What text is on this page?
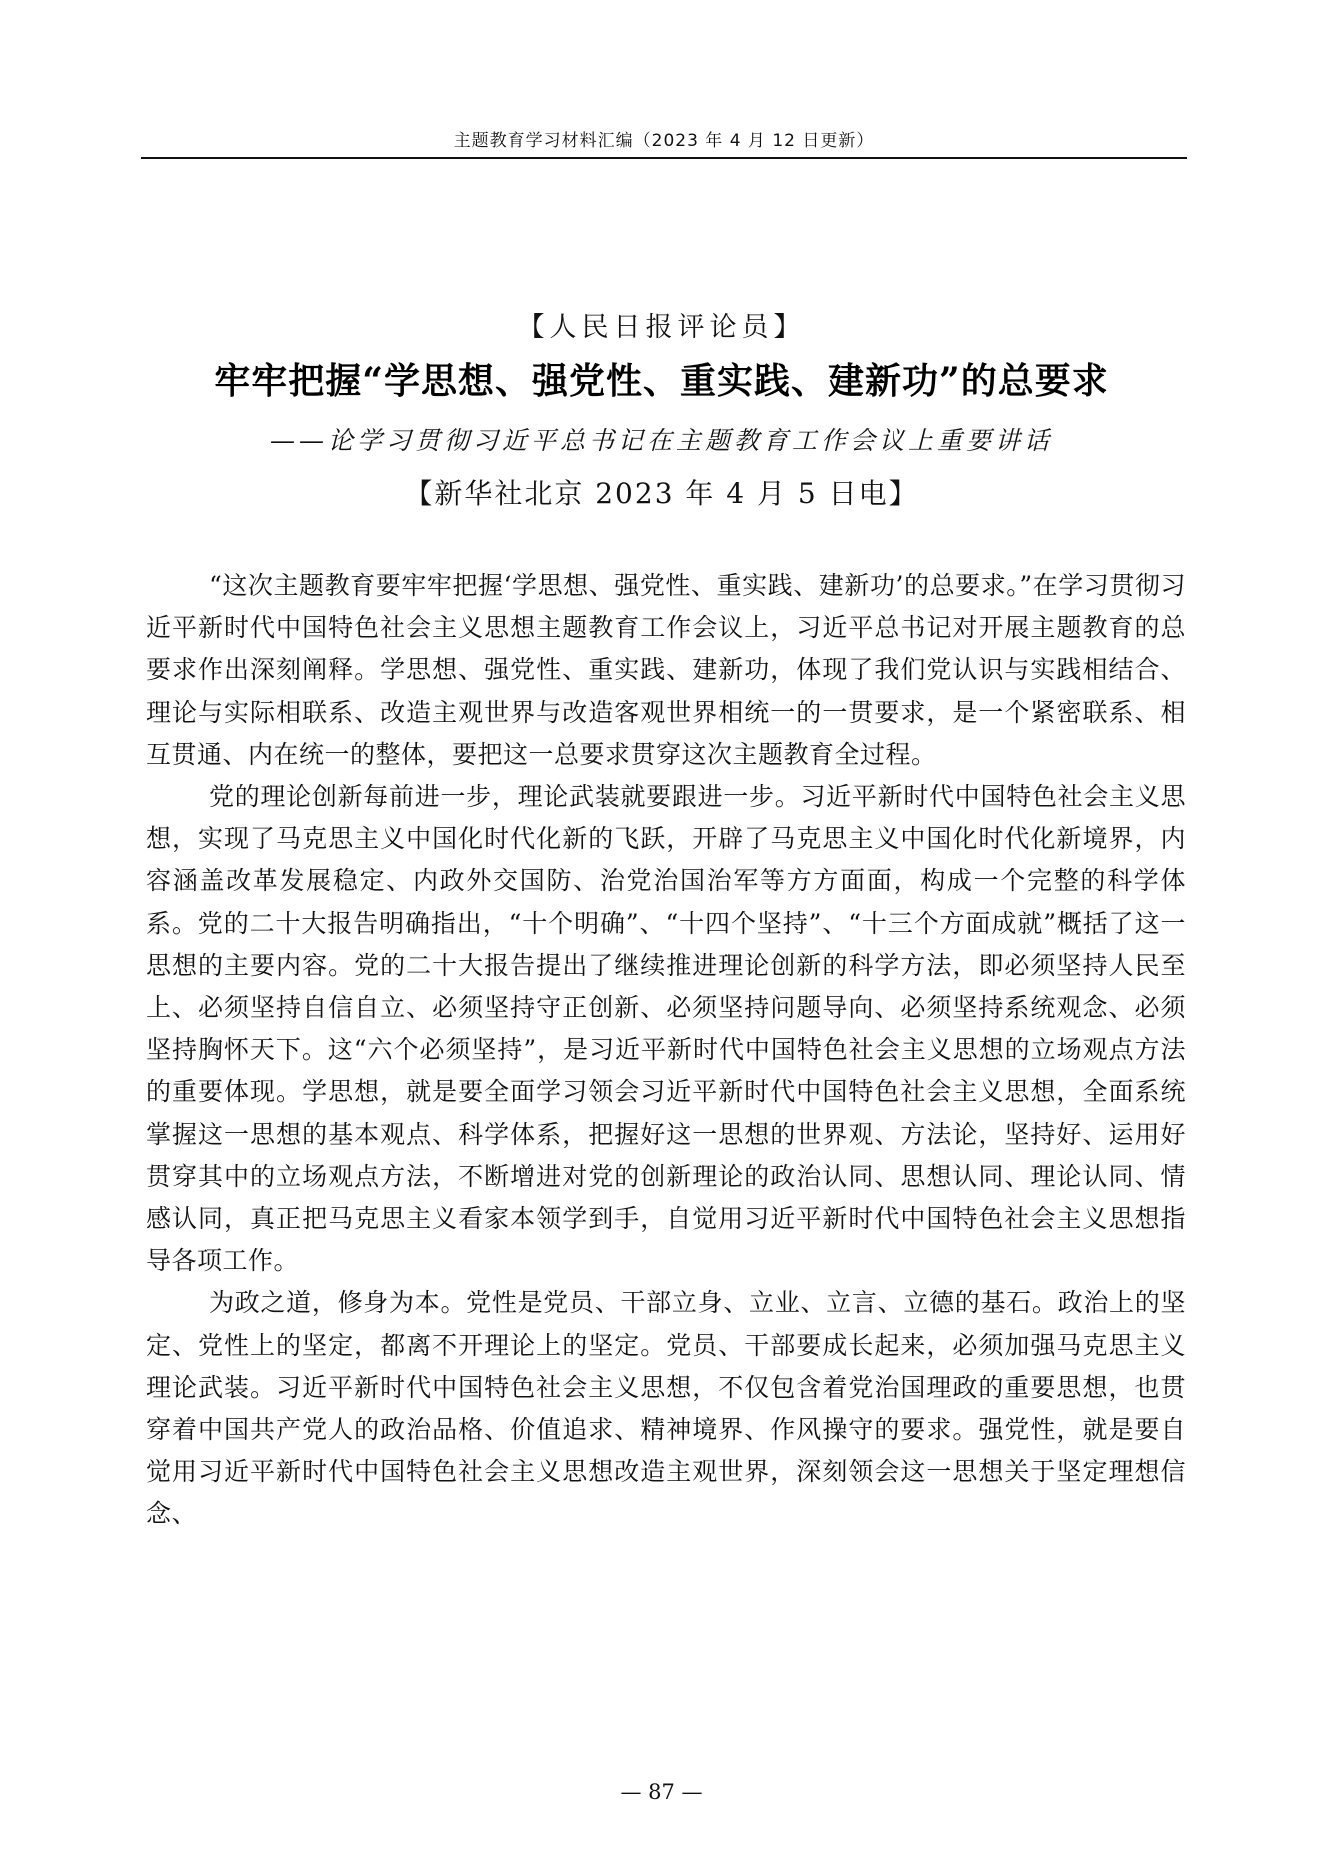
主题教育学习材料汇编（2023 年 4 月 12 日更新）
【人民日报评论员】
牢牢把握“学思想、强党性、重实践、建新功”的总要求
——论学习贯彻习近平总书记在主题教育工作会议上重要讲话
【新华社北京 2023 年 4 月 5 日电】

“这次主题教育要牢牢把握‘学思想、强党性、重实践、建新功’的总要求。”在学习贯彻习近平新时代中国特色社会主义思想主题教育工作会议上，习近平总书记对开展主题教育的总要求作出深刻阐释。学思想、强党性、重实践、建新功，体现了我们党认识与实践相结合、理论与实际相联系、改造主观世界与改造客观世界相统一的一贯要求，是一个紧密联系、相互贯通、内在统一的整体，要把这一总要求贯穿这次主题教育全过程。

党的理论创新每前进一步，理论武装就要跟进一步。习近平新时代中国特色社会主义思想，实现了马克思主义中国化时代化新的飞跃，开辟了马克思主义中国化时代化新境界，内容涵盖改革发展稳定、内政外交国防、治党治国治军等方方面面，构成一个完整的科学体系。党的二十大报告明确指出，“十个明确”、“十四个坚持”、“十三个方面成就”概括了这一思想的主要内容。党的二十大报告提出了继续推进理论创新的科学方法，即必须坚持人民至上、必须坚持自信自立、必须坚持守正创新、必须坚持问题导向、必须坚持系统观念、必须坚持胸怀天下。这“六个必须坚持”，是习近平新时代中国特色社会主义思想的立场观点方法的重要体现。学思想，就是要全面学习领会习近平新时代中国特色社会主义思想，全面系统掌握这一思想的基本观点、科学体系，把握好这一思想的世界观、方法论，坚持好、运用好贯穿其中的立场观点方法，不断增进对党的创新理论的政治认同、思想认同、理论认同、情感认同，真正把马克思主义看家本领学到手，自觉用习近平新时代中国特色社会主义思想指导各项工作。

为政之道，修身为本。党性是党员、干部立身、立业、立言、立德的基石。政治上的坚定、党性上的坚定，都离不开理论上的坚定。党员、干部要成长起来，必须加强马克思主义理论武装。习近平新时代中国特色社会主义思想，不仅包含着党治国理政的重要思想，也贯穿着中国共产党人的政治品格、价值追求、精神境界、作风操守的要求。强党性，就是要自觉用习近平新时代中国特色社会主义思想改造主观世界，深刻领会这一思想关于坚定理想信念、

— 87 —
